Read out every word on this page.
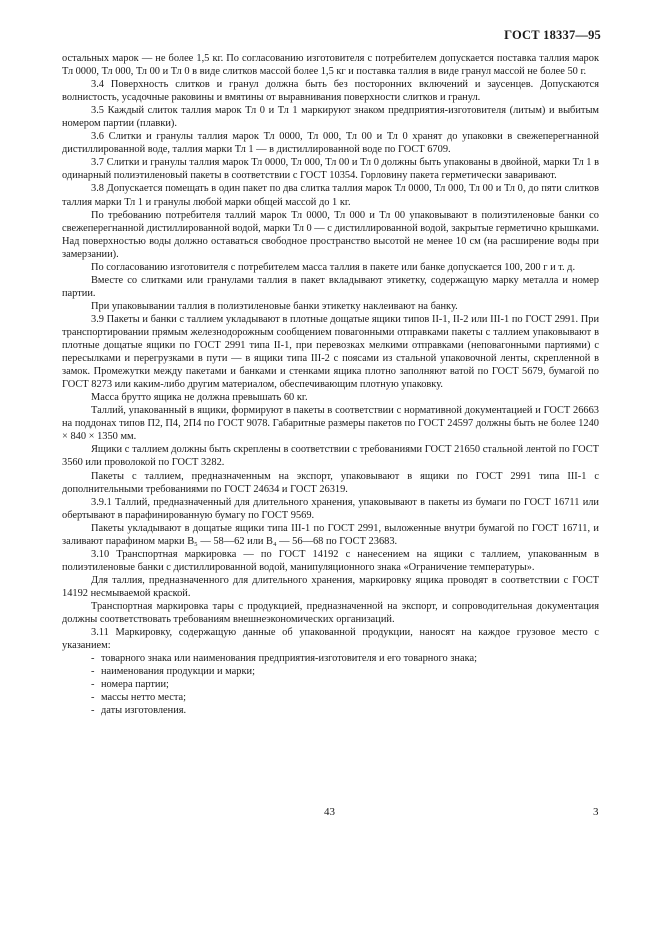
ГОСТ 18337—95

остальных марок — не более 1,5 кг. По согласованию изготовителя с потребителем допускается поставка таллия марок Тл 0000, Тл 000, Тл 00 и Тл 0 в виде слитков массой более 1,5 кг и поставка таллия в виде гранул массой не более 50 г.

3.4 Поверхность слитков и гранул должна быть без посторонних включений и заусенцев. Допускаются волнистость, усадочные раковины и вмятины от выравнивания поверхности слитков и гранул.

3.5 Каждый слиток таллия марок Тл 0 и Тл 1 маркируют знаком предприятия-изготовителя (литым) и выбитым номером партии (плавки).

3.6 Слитки и гранулы таллия марок Тл 0000, Тл 000, Тл 00 и Тл 0 хранят до упаковки в свежеперегнанной дистиллированной воде, таллия марки Тл 1 — в дистиллированной воде по ГОСТ 6709.

3.7 Слитки и гранулы таллия марок Тл 0000, Тл 000, Тл 00 и Тл 0 должны быть упакованы в двойной, марки Тл 1 в одинарный полиэтиленовый пакеты в соответствии с ГОСТ 10354. Горловину пакета герметически заваривают.

3.8 Допускается помещать в один пакет по два слитка таллия марок Тл 0000, Тл 000, Тл 00 и Тл 0, до пяти слитков таллия марки Тл 1 и гранулы любой марки общей массой до 1 кг.

По требованию потребителя таллий марок Тл 0000, Тл 000 и Тл 00 упаковывают в полиэтиленовые банки со свежеперегнанной дистиллированной водой, марки Тл 0 — с дистиллированной водой, закрытые герметично крышками. Над поверхностью воды должно оставаться свободное пространство высотой не менее 10 см (на расширение воды при замерзании).

По согласованию изготовителя с потребителем масса таллия в пакете или банке допускается 100, 200 г и т. д.

Вместе со слитками или гранулами таллия в пакет вкладывают этикетку, содержащую марку металла и номер партии.

При упаковывании таллия в полиэтиленовые банки этикетку наклеивают на банку.

3.9 Пакеты и банки с таллием укладывают в плотные дощатые ящики типов II-1, II-2 или III-1 по ГОСТ 2991. При транспортировании прямым железнодорожным сообщением повагонными отправками пакеты с таллием упаковывают в плотные дощатые ящики по ГОСТ 2991 типа II-1, при перевозках мелкими отправками (неповагонными партиями) с пересылками и перегрузками в пути — в ящики типа III-2 с поясами из стальной упаковочной ленты, скрепленной в замок. Промежутки между пакетами и банками и стенками ящика плотно заполняют ватой по ГОСТ 5679, бумагой по ГОСТ 8273 или каким-либо другим материалом, обеспечивающим плотную упаковку.

Масса брутто ящика не должна превышать 60 кг.

Таллий, упакованный в ящики, формируют в пакеты в соответствии с нормативной документацией и ГОСТ 26663 на поддонах типов П2, П4, 2П4 по ГОСТ 9078. Габаритные размеры пакетов по ГОСТ 24597 должны быть не более 1240 × 840 × 1350 мм.

Ящики с таллием должны быть скреплены в соответствии с требованиями ГОСТ 21650 стальной лентой по ГОСТ 3560 или проволокой по ГОСТ 3282.

Пакеты с таллием, предназначенным на экспорт, упаковывают в ящики по ГОСТ 2991 типа III-1 с дополнительными требованиями по ГОСТ 24634 и ГОСТ 26319.

3.9.1 Таллий, предназначенный для длительного хранения, упаковывают в пакеты из бумаги по ГОСТ 16711 или обертывают в парафинированную бумагу по ГОСТ 9569.

Пакеты укладывают в дощатые ящики типа III-1 по ГОСТ 2991, выложенные внутри бумагой по ГОСТ 16711, и заливают парафином марки В₅ — 58—62 или В₄ — 56—68 по ГОСТ 23683.

3.10 Транспортная маркировка — по ГОСТ 14192 с нанесением на ящики с таллием, упакованным в полиэтиленовые банки с дистиллированной водой, манипуляционного знака «Ограничение температуры».

Для таллия, предназначенного для длительного хранения, маркировку ящика проводят в соответствии с ГОСТ 14192 несмываемой краской.

Транспортная маркировка тары с продукцией, предназначенной на экспорт, и сопроводительная документация должны соответствовать требованиям внешнеэкономических организаций.

3.11 Маркировку, содержащую данные об упакованной продукции, наносят на каждое грузовое место с указанием:

- товарного знака или наименования предприятия-изготовителя и его товарного знака;
- наименования продукции и марки;
- номера партии;
- массы нетто места;
- даты изготовления.
43	3
